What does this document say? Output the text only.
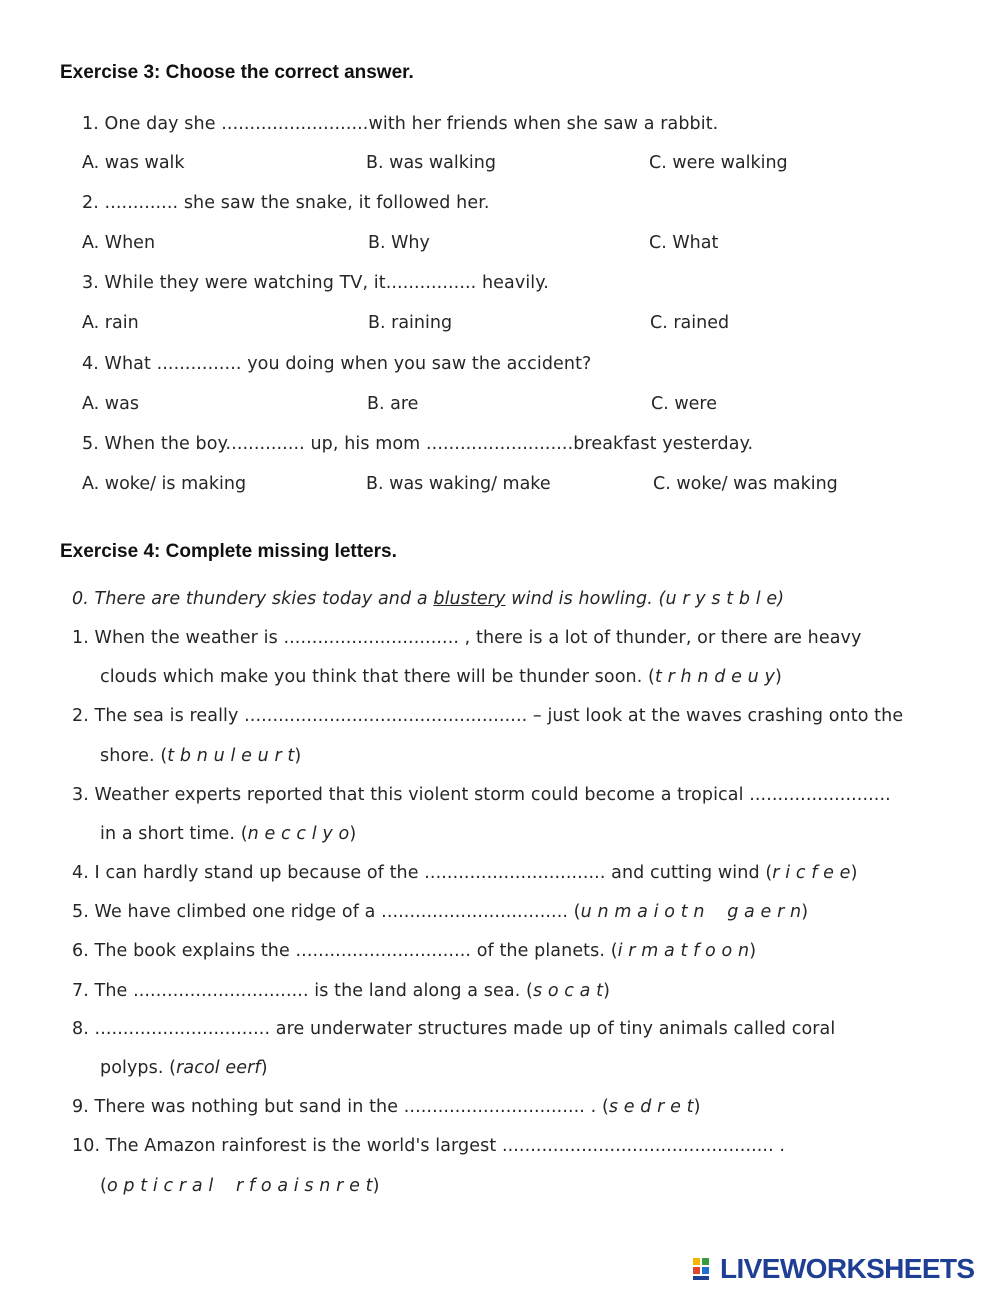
Exercise 3: Choose the correct answer.
1. One day she ..........................with her friends when she saw a rabbit.
A. was walk	B. was walking	C. were walking
2. ............. she saw the snake, it followed her.
A. When	B. Why	C. What
3. While they were watching TV, it................ heavily.
A. rain	B. raining	C. rained
4. What ............... you doing when you saw the accident?
A. was	B. are	C. were
5. When the boy.............. up, his mom ..........................breakfast yesterday.
A. woke/ is making	B. was waking/ make	C. woke/ was making
Exercise 4: Complete missing letters.
0. There are thundery skies today and a blustery wind is howling. (u r y s t b l e)
1. When the weather is ............................... , there is a lot of thunder, or there are heavy
clouds which make you think that there will be thunder soon. (t r h n d e u y)
2. The sea is really .................................................. – just look at the waves crashing onto the
shore. (t b n u l e u r t)
3. Weather experts reported that this violent storm could become a tropical .........................
in a short time. (n e c c l y o)
4. I can hardly stand up because of the ................................ and cutting wind (r i c f e e)
5. We have climbed one ridge of a ................................. (u n m a i o t n    g a e r n)
6. The book explains the ............................... of the planets. (i r m a t f o o n)
7. The ............................... is the land along a sea. (s o c a t)
8. ............................... are underwater structures made up of tiny animals called coral
polyps. (racol eerf)
9. There was nothing but sand in the ................................ . (s e d r e t)
10. The Amazon rainforest is the world's largest ................................................ .
(o p t i c r a l    r f o a i s n r e t)
LIVEWORKSHEETS
